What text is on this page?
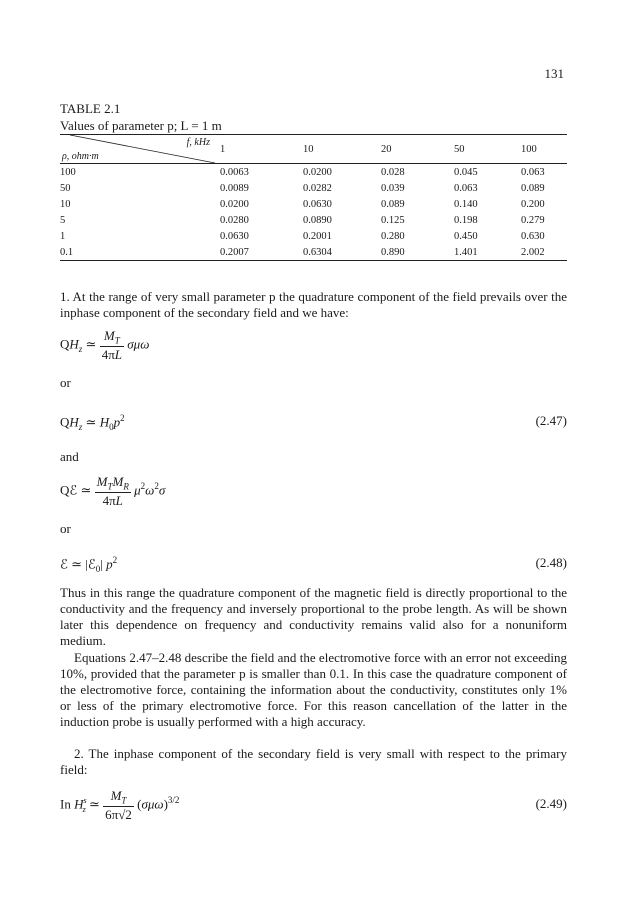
131
TABLE 2.1
Values of parameter p; L = 1 m
f, kHz
ρ, ohm·m	1	10	20	50	100
100	0.0063	0.0200	0.028	0.045	0.063
50	0.0089	0.0282	0.039	0.063	0.089
10	0.0200	0.0630	0.089	0.140	0.200
5	0.0280	0.0890	0.125	0.198	0.279
1	0.0630	0.2001	0.280	0.450	0.630
0.1	0.2007	0.6304	0.890	1.401	2.002
1. At the range of very small parameter p the quadrature component of the field prevails over the inphase component of the secondary field and we have:
$QH_z$ ≃ $\frac{M_T}{4\pi L}$ σμω
or
$QH_z$ ≃ $H_0p^2$	(2.47)
and
Qℰ ≃ $\frac{M_TM_R}{4\pi L} \mu^2\omega^2\sigma$
or
ℰ ≃ |ℰ$_0$| $p^2$	(2.48)
Thus in this range the quadrature component of the magnetic field is directly proportional to the conductivity and the frequency and inversely proportional to the probe length. As will be shown later this dependence on frequency and conductivity remains valid also for a nonuniform medium.
Equations 2.47–2.48 describe the field and the electromotive force with an error not exceeding 10%, provided that the parameter p is smaller than 0.1. In this case the quadrature component of the electromotive force, containing the information about the conductivity, constitutes only 1% or less of the primary electromotive force. For this reason cancellation of the latter in the induction probe is usually performed with a high accuracy.
2. The inphase component of the secondary field is very small with respect to the primary field:
In $H^s_z$ ≃ $\frac{M_T}{6\pi√2} (\sigma\mu\omega)^{3/2}$	(2.49)
